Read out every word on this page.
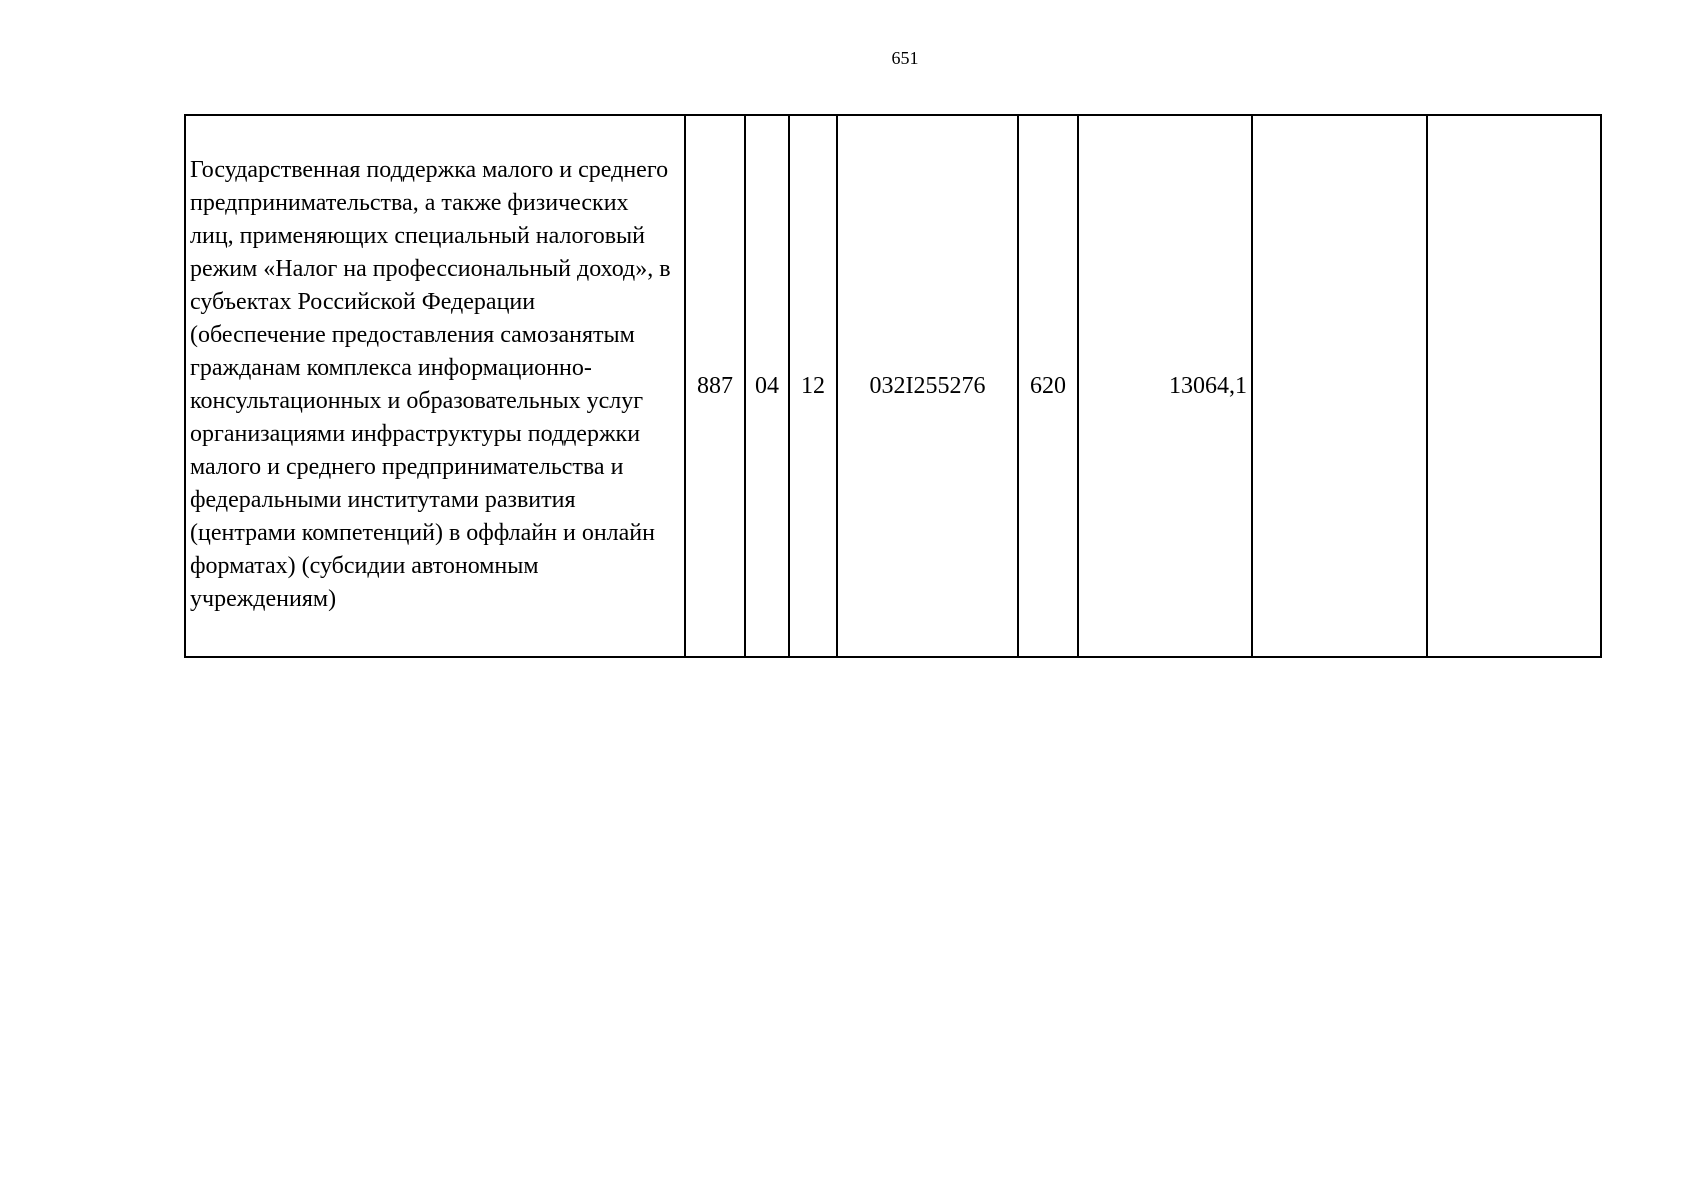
651
Государственная поддержка малого и среднего предпринимательства, а также физических лиц, применяющих специальный налоговый режим «Налог на профессиональный доход», в субъектах Российской Федерации (обеспечение предоставления самозанятым гражданам комплекса информационно-консультационных и образовательных услуг организациями инфраструктуры поддержки малого и среднего предпринимательства и федеральными институтами развития (центрами компетенций) в оффлайн и онлайн форматах) (субсидии автономным учреждениям)	887	04	12	032I255276	620	13064,1		
